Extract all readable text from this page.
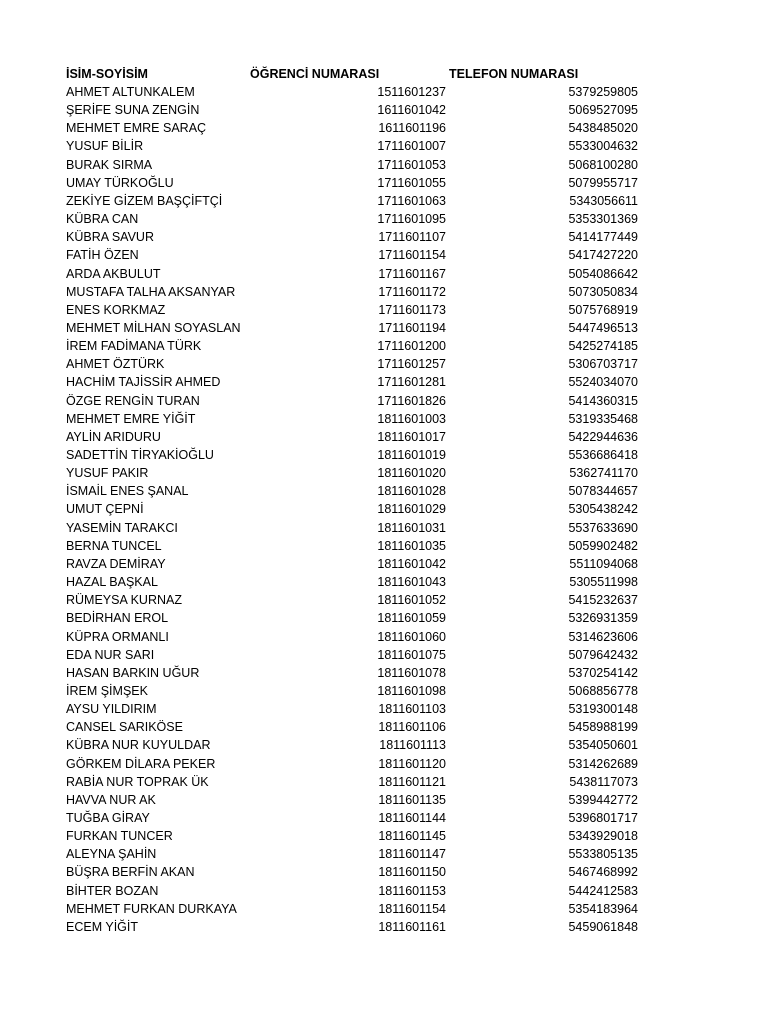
İSİM-SOYİSİM	ÖĞRENCİ NUMARASI	TELEFON NUMARASI
AHMET ALTUNKALEM	1511601237	5379259805
ŞERİFE SUNA ZENGİN	1611601042	5069527095
MEHMET EMRE SARAÇ	1611601196	5438485020
YUSUF BİLİR	1711601007	5533004632
BURAK SIRMA	1711601053	5068100280
UMAY TÜRKOĞLU	1711601055	5079955717
ZEKİYE GİZEM BAŞÇİFTÇİ	1711601063	5343056611
KÜBRA CAN	1711601095	5353301369
KÜBRA SAVUR	1711601107	5414177449
FATİH ÖZEN	1711601154	5417427220
ARDA AKBULUT	1711601167	5054086642
MUSTAFA TALHA AKSANYAR	1711601172	5073050834
ENES KORKMAZ	1711601173	5075768919
MEHMET MİLHAN SOYASLAN	1711601194	5447496513
İREM FADİMANA TÜRK	1711601200	5425274185
AHMET ÖZTÜRK	1711601257	5306703717
HACHİM TAJİSSİR AHMED	1711601281	5524034070
ÖZGE RENGİN TURAN	1711601826	5414360315
MEHMET EMRE YİĞİT	1811601003	5319335468
AYLİN ARIDURU	1811601017	5422944636
SADETTİN TİRYAKİOĞLU	1811601019	5536686418
YUSUF PAKIR	1811601020	5362741170
İSMAİL ENES ŞANAL	1811601028	5078344657
UMUT ÇEPNİ	1811601029	5305438242
YASEMİN TARAKCI	1811601031	5537633690
BERNA TUNCEL	1811601035	5059902482
RAVZA DEMİRAY	1811601042	5511094068
HAZAL BAŞKAL	1811601043	5305511998
RÜMEYSA KURNAZ	1811601052	5415232637
BEDİRHAN EROL	1811601059	5326931359
KÜPRA ORMANLI	1811601060	5314623606
EDA NUR SARI	1811601075	5079642432
HASAN BARKIN UĞUR	1811601078	5370254142
İREM ŞİMŞEK	1811601098	5068856778
AYSU YILDIRIM	1811601103	5319300148
CANSEL SARIKÖSE	1811601106	5458988199
KÜBRA NUR KUYULDAR	1811601113	5354050601
GÖRKEM DİLARA PEKER	1811601120	5314262689
RABİA NUR TOPRAK ÜK	1811601121	5438117073
HAVVA NUR AK	1811601135	5399442772
TUĞBA GİRAY	1811601144	5396801717
FURKAN TUNCER	1811601145	5343929018
ALEYNA ŞAHİN	1811601147	5533805135
BÜŞRA BERFİN AKAN	1811601150	5467468992
BİHTER BOZAN	1811601153	5442412583
MEHMET FURKAN DURKAYA	1811601154	5354183964
ECEM YİĞİT	1811601161	5459061848
